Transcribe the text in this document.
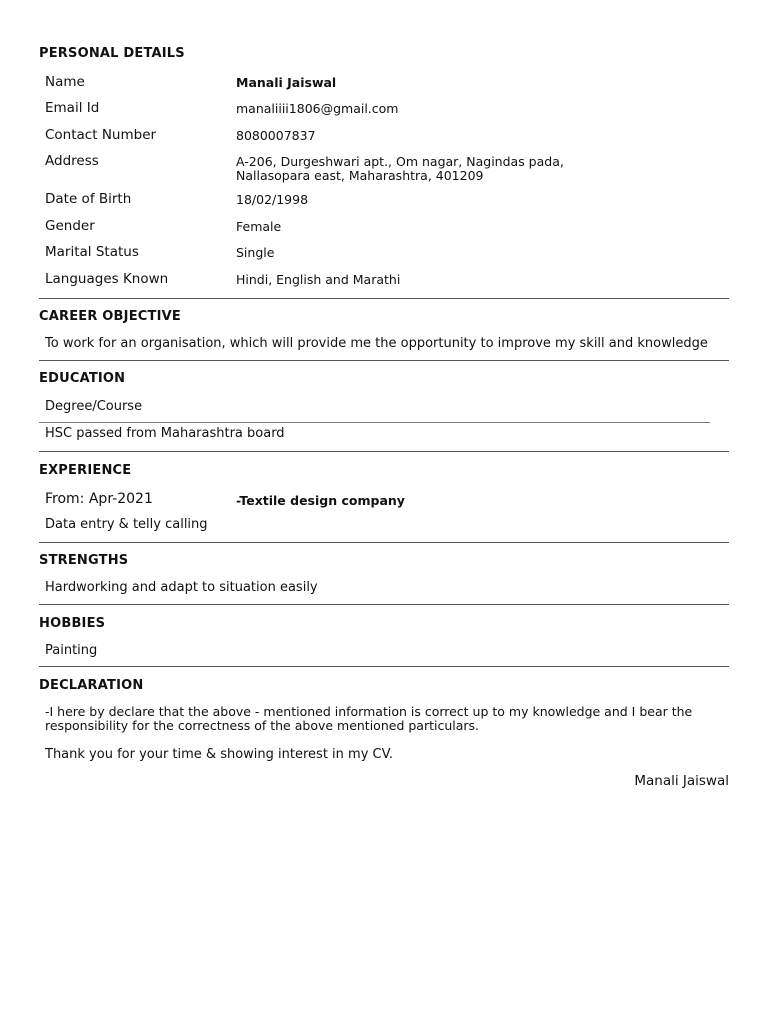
PERSONAL DETAILS
Name	Manali Jaiswal
Email Id	manaliiii1806@gmail.com
Contact Number	8080007837
Address	A-206, Durgeshwari apt., Om nagar, Nagindas pada,
Nallasopara east, Maharashtra, 401209
Date of Birth	18/02/1998
Gender	Female
Marital Status	Single
Languages Known	Hindi, English and Marathi
CAREER OBJECTIVE
To work for an organisation, which will provide me the opportunity to improve my skill and knowledge
EDUCATION
Degree/Course
HSC passed from Maharashtra board
EXPERIENCE
From: Apr-2021	-Textile design company
Data entry & telly calling
STRENGTHS
Hardworking and adapt to situation easily
HOBBIES
Painting
DECLARATION
-I here by declare that the above - mentioned information is correct up to my knowledge and I bear the responsibility for the correctness of the above mentioned particulars.
Thank you for your time & showing interest in my CV.
Manali Jaiswal
